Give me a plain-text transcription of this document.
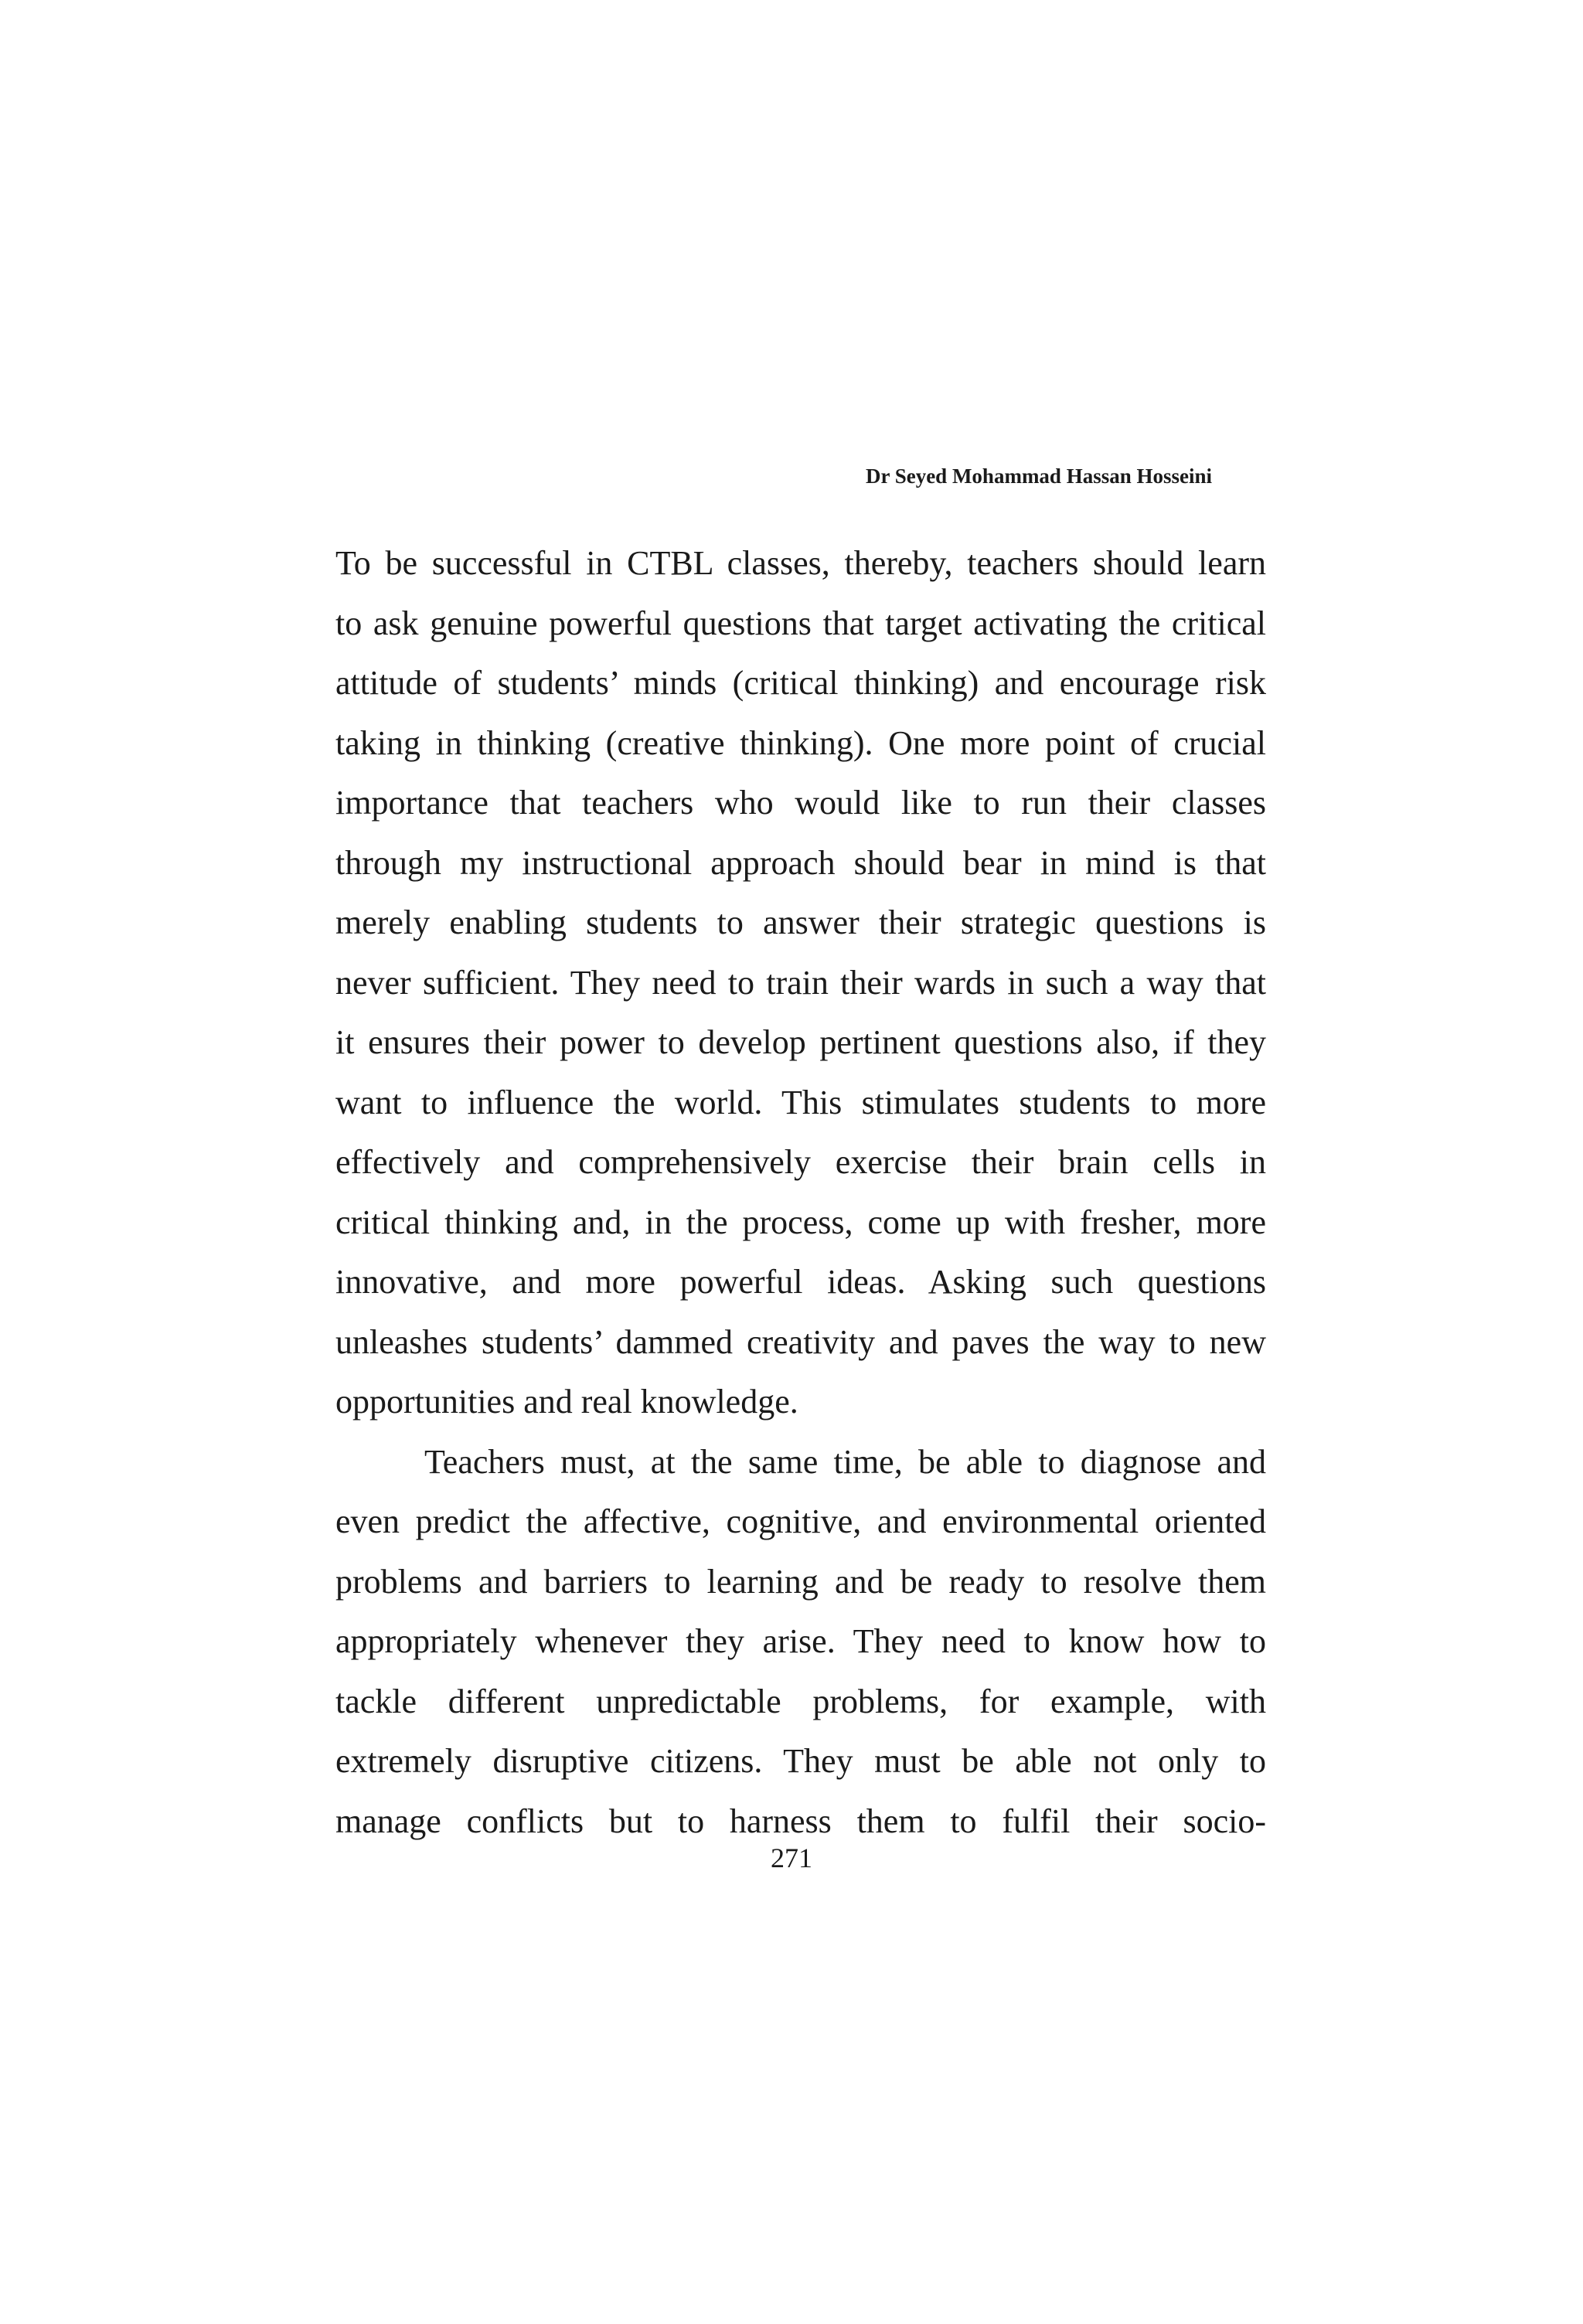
Dr Seyed Mohammad Hassan Hosseini
To be successful in CTBL classes, thereby, teachers should learn
to ask genuine powerful questions that target activating the critical
attitude of students’ minds (critical thinking) and encourage risk
taking in thinking (creative thinking). One more point of crucial
importance that teachers who would like to run their classes
through my instructional approach should bear in mind is that
merely enabling students to answer their strategic questions is
never sufficient. They need to train their wards in such a way that
it ensures their power to develop pertinent questions also, if they
want to influence the world. This stimulates students to more
effectively and comprehensively exercise their brain cells in
critical thinking and, in the process, come up with fresher, more
innovative, and more powerful ideas. Asking such questions
unleashes students’ dammed creativity and paves the way to new
opportunities and real knowledge.
Teachers must, at the same time, be able to diagnose and
even predict the affective, cognitive, and environmental oriented
problems and barriers to learning and be ready to resolve them
appropriately whenever they arise. They need to know how to
tackle different unpredictable problems, for example, with
extremely disruptive citizens. They must be able not only to
manage conflicts but to harness them to fulfil their socio-
271
